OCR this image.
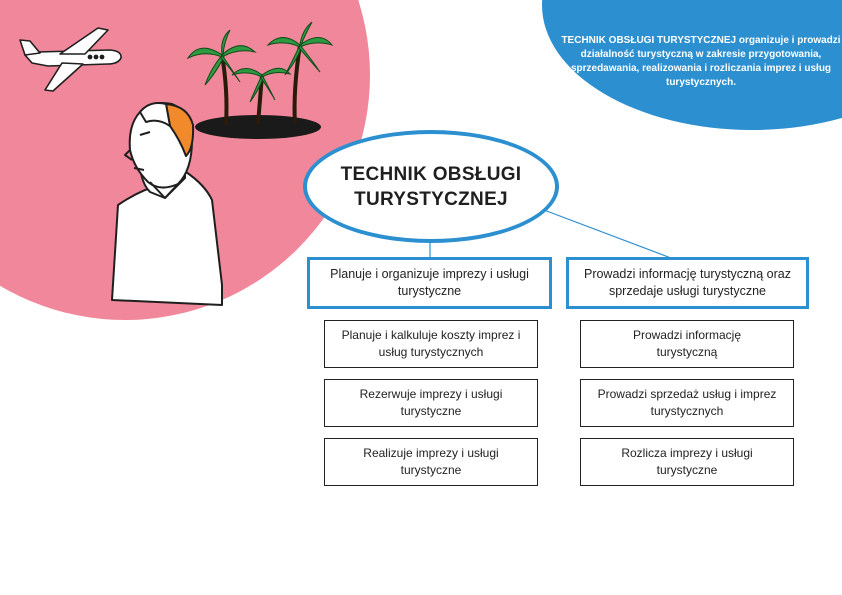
TECHNIK OBSŁUGI TURYSTYCZNEJ organizuje i prowadzi działalność turystyczną w zakresie przygotowania, sprzedawania, realizowania i rozliczania imprez i usług turystycznych.
TECHNIK OBSŁUGI
TURYSTYCZNEJ
Planuje i organizuje imprezy i usługi turystyczne
Prowadzi informację turystyczną oraz sprzedaje usługi turystyczne
Planuje i kalkuluje koszty imprez i usług turystycznych
Rezerwuje imprezy i usługi turystyczne
Realizuje imprezy i usługi turystyczne
Prowadzi informację turystyczną
Prowadzi sprzedaż usług i imprez turystycznych
Rozlicza imprezy i usługi turystyczne
